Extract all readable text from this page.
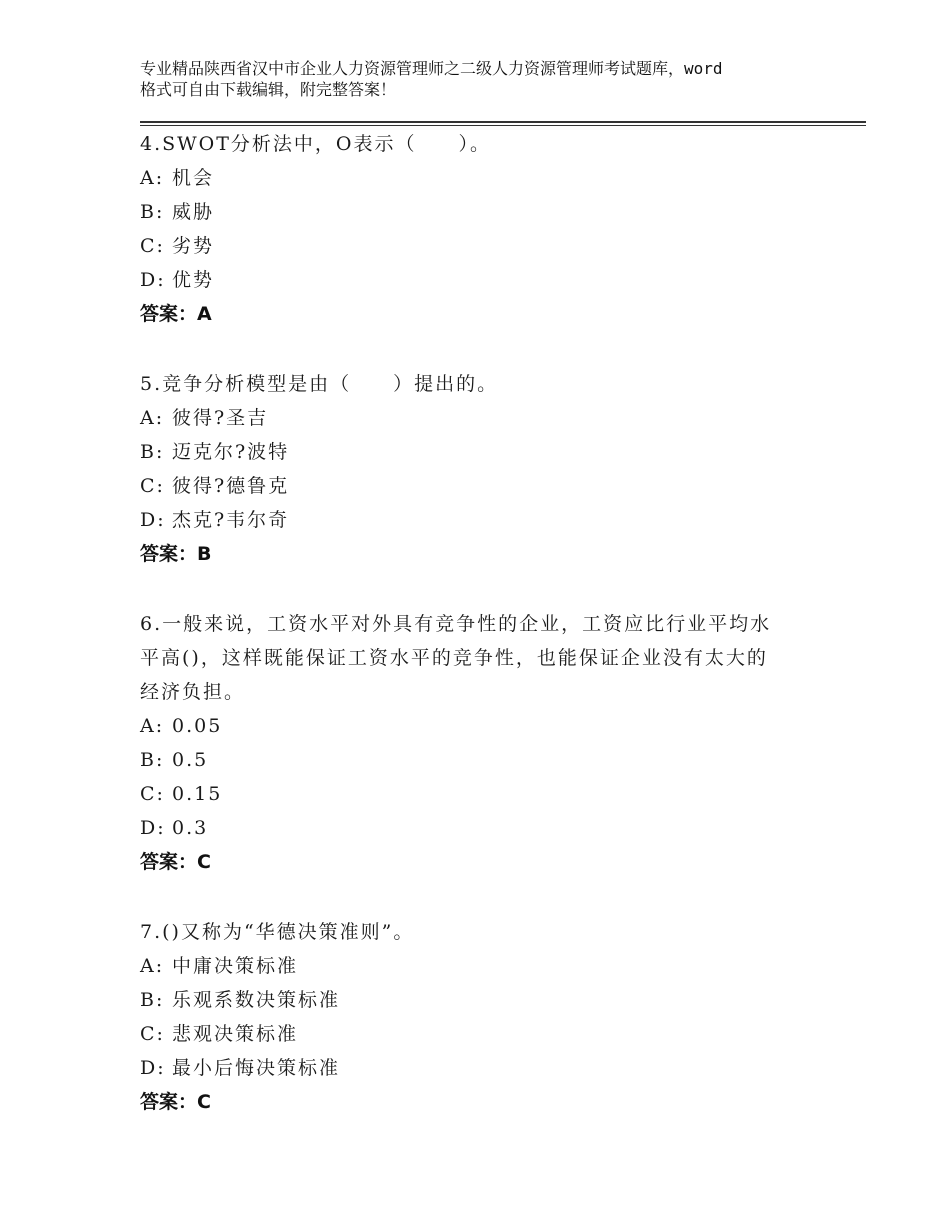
专业精品陕西省汉中市企业人力资源管理师之二级人力资源管理师考试题库，word
格式可自由下载编辑，附完整答案！
4.SWOT分析法中，O表示（　　）。
A: 机会
B: 威胁
C: 劣势
D: 优势
答案：A
5.竞争分析模型是由（　　）提出的。
A: 彼得?圣吉
B: 迈克尔?波特
C: 彼得?德鲁克
D: 杰克?韦尔奇
答案：B
6.一般来说，工资水平对外具有竞争性的企业，工资应比行业平均水
平高()，这样既能保证工资水平的竞争性，也能保证企业没有太大的
经济负担。
A: 0.05
B: 0.5
C: 0.15
D: 0.3
答案：C
7.()又称为“华德决策准则”。
A: 中庸决策标准
B: 乐观系数决策标准
C: 悲观决策标准
D: 最小后悔决策标准
答案：C
